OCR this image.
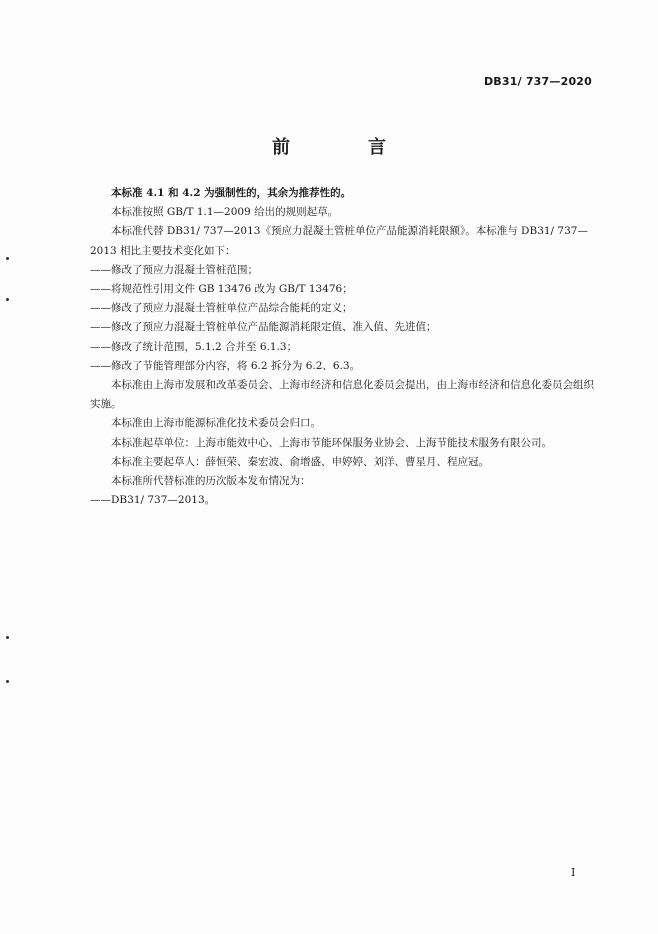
DB31/ 737—2020
前　言

本标准 4.1 和 4.2 为强制性的，其余为推荐性的。

本标准按照 GB/T 1.1—2009 给出的规则起草。

本标准代替 DB31/ 737—2013《预应力混凝土管桩单位产品能源消耗限额》。本标准与 DB31/ 737—2013 相比主要技术变化如下：

——修改了预应力混凝土管桩范围；

——将规范性引用文件 GB 13476 改为 GB/T 13476；

——修改了预应力混凝土管桩单位产品综合能耗的定义；

——修改了预应力混凝土管桩单位产品能源消耗限定值、准入值、先进值；

——修改了统计范围，5.1.2 合并至 6.1.3；

——修改了节能管理部分内容，将 6.2 拆分为 6.2、6.3。

本标准由上海市发展和改革委员会、上海市经济和信息化委员会提出，由上海市经济和信息化委员会组织实施。

本标准由上海市能源标准化技术委员会归口。

本标准起草单位：上海市能效中心、上海市节能环保服务业协会、上海节能技术服务有限公司。

本标准主要起草人：薛恒荣、秦宏波、俞增盛、申婷婷、刘洋、曹星月、程应冠。

本标准所代替标准的历次版本发布情况为：

——DB31/ 737—2013。

I
